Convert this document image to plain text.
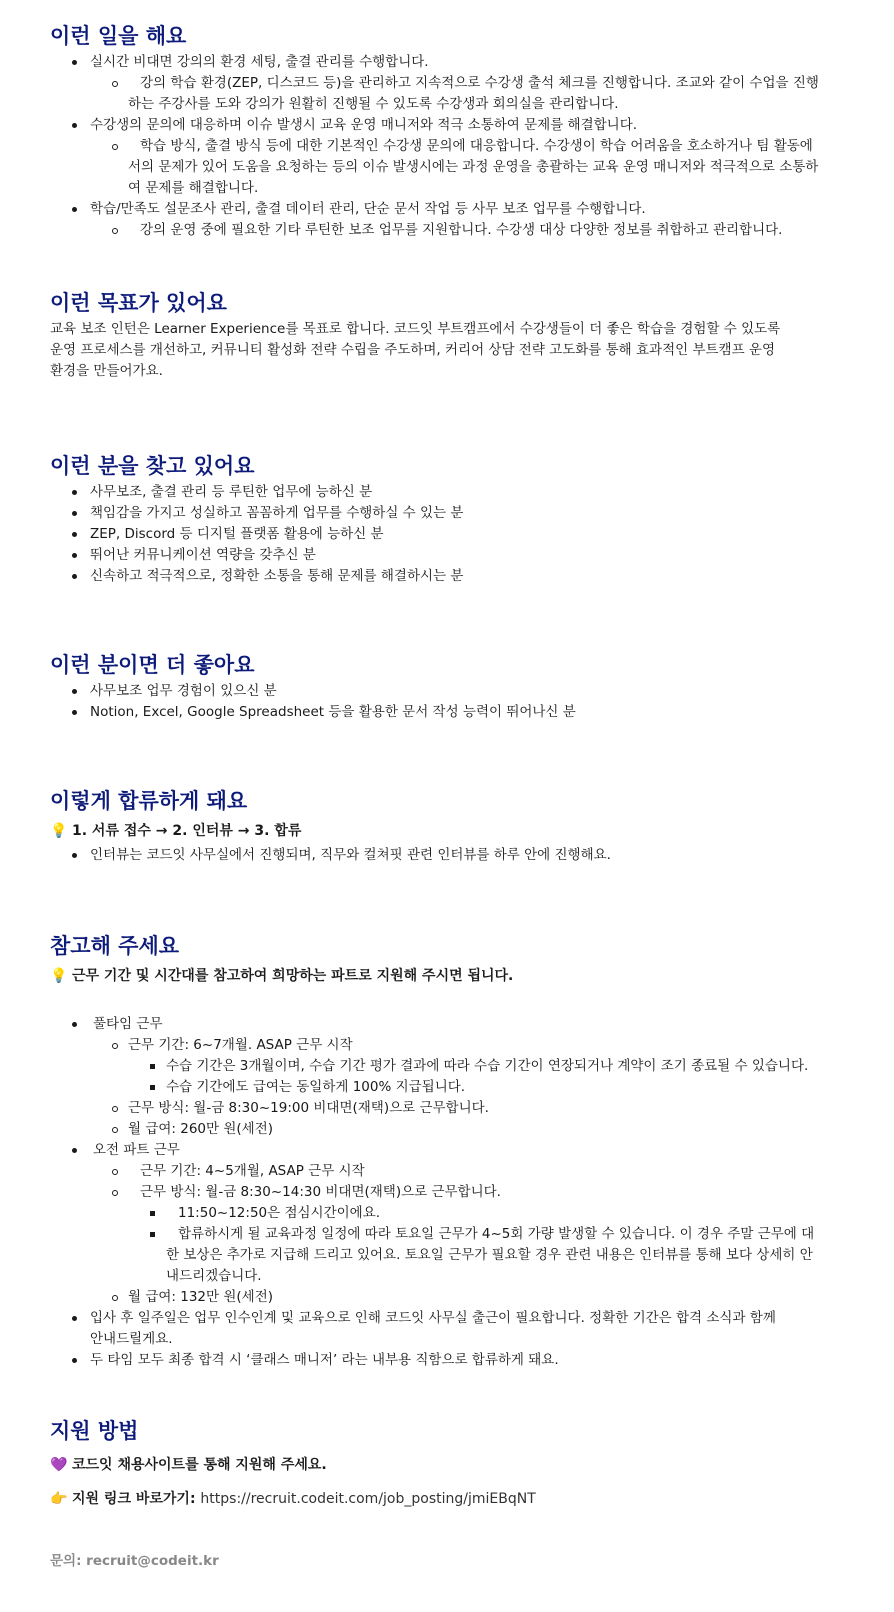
이런 일을 해요
실시간 비대면 강의의 환경 세팅, 출결 관리를 수행합니다.
강의 학습 환경(ZEP, 디스코드 등)을 관리하고 지속적으로 수강생 출석 체크를 진행합니다. 조교와 같이 수업을 진행하는 주강사를 도와 강의가 원활히 진행될 수 있도록 수강생과 회의실을 관리합니다.
수강생의 문의에 대응하며 이슈 발생시 교육 운영 매니저와 적극 소통하여 문제를 해결합니다.
학습 방식, 출결 방식 등에 대한 기본적인 수강생 문의에 대응합니다. 수강생이 학습 어려움을 호소하거나 팀 활동에서의 문제가 있어 도움을 요청하는 등의 이슈 발생시에는 과정 운영을 총괄하는 교육 운영 매니저와 적극적으로 소통하여 문제를 해결합니다.
학습/만족도 설문조사 관리, 출결 데이터 관리, 단순 문서 작업 등 사무 보조 업무를 수행합니다.
강의 운영 중에 필요한 기타 루틴한 보조 업무를 지원합니다. 수강생 대상 다양한 정보를 취합하고 관리합니다.
이런 목표가 있어요

교육 보조 인턴은 Learner Experience를 목표로 합니다. 코드잇 부트캠프에서 수강생들이 더 좋은 학습을 경험할 수 있도록 운영 프로세스를 개선하고, 커뮤니티 활성화 전략 수립을 주도하며, 커리어 상담 전략 고도화를 통해 효과적인 부트캠프 운영 환경을 만들어가요.

이런 분을 찾고 있어요
사무보조, 출결 관리 등 루틴한 업무에 능하신 분
책임감을 가지고 성실하고 꼼꼼하게 업무를 수행하실 수 있는 분
ZEP, Discord 등 디지털 플랫폼 활용에 능하신 분
뛰어난 커뮤니케이션 역량을 갖추신 분
신속하고 적극적으로, 정확한 소통을 통해 문제를 해결하시는 분
이런 분이면 더 좋아요
사무보조 업무 경험이 있으신 분
Notion, Excel, Google Spreadsheet 등을 활용한 문서 작성 능력이 뛰어나신 분
이렇게 합류하게 돼요
💡 1. 서류 접수 → 2. 인터뷰 → 3. 합류
인터뷰는 코드잇 사무실에서 진행되며, 직무와 컬쳐핏 관련 인터뷰를 하루 안에 진행해요.
참고해 주세요
💡 근무 기간 및 시간대를 참고하여 희망하는 파트로 지원해 주시면 됩니다.
풀타임 근무
근무 기간: 6~7개월. ASAP 근무 시작
수습 기간은 3개월이며, 수습 기간 평가 결과에 따라 수습 기간이 연장되거나 계약이 조기 종료될 수 있습니다.
수습 기간에도 급여는 동일하게 100% 지급됩니다.
근무 방식: 월-금 8:30~19:00 비대면(재택)으로 근무합니다.
월 급여: 260만 원(세전)
오전 파트 근무
근무 기간: 4~5개월, ASAP 근무 시작
근무 방식: 월-금 8:30~14:30 비대면(재택)으로 근무합니다.
11:50~12:50은 점심시간이에요.
합류하시게 될 교육과정 일정에 따라 토요일 근무가 4~5회 가량 발생할 수 있습니다. 이 경우 주말 근무에 대한 보상은 추가로 지급해 드리고 있어요. 토요일 근무가 필요할 경우 관련 내용은 인터뷰를 통해 보다 상세히 안내드리겠습니다.
월 급여: 132만 원(세전)
입사 후 일주일은 업무 인수인계 및 교육으로 인해 코드잇 사무실 출근이 필요합니다. 정확한 기간은 합격 소식과 함께 안내드릴게요.
두 타임 모두 최종 합격 시 ‘클래스 매니저’ 라는 내부용 직함으로 합류하게 돼요.
지원 방법
💜 코드잇 채용사이트를 통해 지원해 주세요.
👉 지원 링크 바로가기: https://recruit.codeit.com/job_posting/jmiEBqNT
문의: recruit@codeit.kr
